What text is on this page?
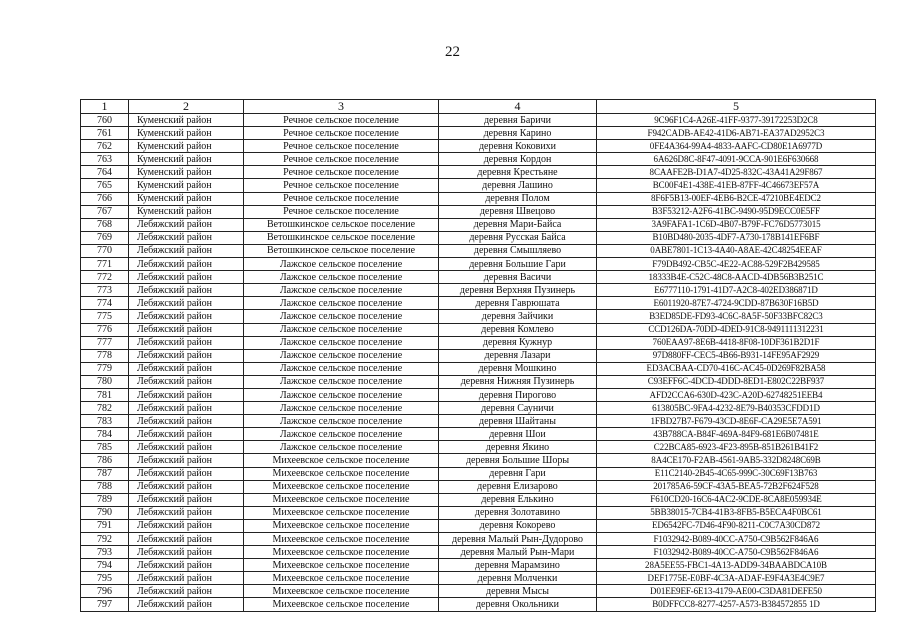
22
1	2	3	4	5
760	Куменский район	Речное сельское поселение	деревня Баричи	9C96F1C4-A26E-41FF-9377-39172253D2C8
761	Куменский район	Речное сельское поселение	деревня Карино	F942CADB-AE42-41D6-AB71-EA37AD2952C3
762	Куменский район	Речное сельское поселение	деревня Коковихи	0FE4A364-99A4-4833-AAFC-CD80E1A6977D
763	Куменский район	Речное сельское поселение	деревня Кордон	6A626D8C-8F47-4091-9CCA-901E6F630668
764	Куменский район	Речное сельское поселение	деревня Крестьяне	8CAAFE2B-D1A7-4D25-832C-43A41A29F867
765	Куменский район	Речное сельское поселение	деревня Лашино	BC00F4E1-438E-41EB-87FF-4C46673EF57A
766	Куменский район	Речное сельское поселение	деревня Полом	8F6F5B13-00EF-4EB6-B2CE-47210BE4EDC2
767	Куменский район	Речное сельское поселение	деревня Швецово	B3F53212-A2F6-41BC-9490-95D9ECC0E5FF
768	Лебяжский район	Ветошкинское сельское поселение	деревня Мари-Байса	3A9FAFA1-1C6D-4B07-B79F-FC76D5773015
769	Лебяжский район	Ветошкинское сельское поселение	деревня Русская Байса	B10BD480-2035-4DF7-A730-178B141EF6BF
770	Лебяжский район	Ветошкинское сельское поселение	деревня Смышляево	0ABE7801-1C13-4A40-A8AE-42C48254EEAF
771	Лебяжский район	Лажское сельское поселение	деревня Большие Гари	F79DB492-CB5C-4E22-AC88-529F2B429585
772	Лебяжский район	Лажское сельское поселение	деревня Васичи	18333B4E-C52C-48C8-AACD-4DB56B3B251C
773	Лебяжский район	Лажское сельское поселение	деревня Верхняя Пузинерь	E6777110-1791-41D7-A2C8-402ED386871D
774	Лебяжский район	Лажское сельское поселение	деревня Гаврюшата	E6011920-87E7-4724-9CDD-87B630F16B5D
775	Лебяжский район	Лажское сельское поселение	деревня Зайчики	B3ED85DE-FD93-4C6C-8A5F-50F33BFC82C3
776	Лебяжский район	Лажское сельское поселение	деревня Комлево	CCD126DA-70DD-4DED-91C8-9491111312231
777	Лебяжский район	Лажское сельское поселение	деревня Кужнур	760EAA97-8E6B-4418-8F08-10DF361B2D1F
778	Лебяжский район	Лажское сельское поселение	деревня Лазари	97D880FF-CEC5-4B66-B931-14FE95AF2929
779	Лебяжский район	Лажское сельское поселение	деревня Мошкино	ED3ACBAA-CD70-416C-AC45-0D269F82BA58
780	Лебяжский район	Лажское сельское поселение	деревня Нижняя Пузинерь	C93EFF6C-4DCD-4DDD-8ED1-E802C22BF937
781	Лебяжский район	Лажское сельское поселение	деревня Пирогово	AFD2CCA6-630D-423C-A20D-62748251EEB4
782	Лебяжский район	Лажское сельское поселение	деревня Сауничи	613805BC-9FA4-4232-8E79-B40353CFDD1D
783	Лебяжский район	Лажское сельское поселение	деревня Шайтаны	1FBD27B7-F679-43CD-8E6F-CA29E5E7A591
784	Лебяжский район	Лажское сельское поселение	деревня Шои	43B788CA-B84F-469A-84F9-681E6B07481E
785	Лебяжский район	Лажское сельское поселение	деревня Якино	C22BCA85-6923-4F23-895B-851B261B41F2
786	Лебяжский район	Михеевское сельское поселение	деревня Большие Шоры	8A4CE170-F2AB-4561-9AB5-332D8248C69B
787	Лебяжский район	Михеевское сельское поселение	деревня Гари	E11C2140-2B45-4C65-999C-30C69F13B763
788	Лебяжский район	Михеевское сельское поселение	деревня Елизарово	201785A6-59CF-43A5-BEA5-72B2F624F528
789	Лебяжский район	Михеевское сельское поселение	деревня Елькино	F610CD20-16C6-4AC2-9CDE-8CA8E059934E
790	Лебяжский район	Михеевское сельское поселение	деревня Золотавино	5BB38015-7CB4-41B3-8FB5-B5ECA4F0BC61
791	Лебяжский район	Михеевское сельское поселение	деревня Кокорево	ED6542FC-7D46-4F90-8211-C0C7A30CD872
792	Лебяжский район	Михеевское сельское поселение	деревня Малый Рын-Дудорово	F1032942-B089-40CC-A750-C9B562F846A6
793	Лебяжский район	Михеевское сельское поселение	деревня Малый Рын-Мари	F1032942-B089-40CC-A750-C9B562F846A6
794	Лебяжский район	Михеевское сельское поселение	деревня Марамзино	28A5EE55-FBC1-4A13-ADD9-34BAABDCA10B
795	Лебяжский район	Михеевское сельское поселение	деревня Молченки	DEF1775E-E0BF-4C3A-ADAF-E9F4A3E4C9E7
796	Лебяжский район	Михеевское сельское поселение	деревня Мысы	D01EE9EF-6E13-4179-AE00-C3DA81DEFE50
797	Лебяжский район	Михеевское сельское поселение	деревня Окольники	B0DFFCC8-8277-4257-A573-B384572855 1D
